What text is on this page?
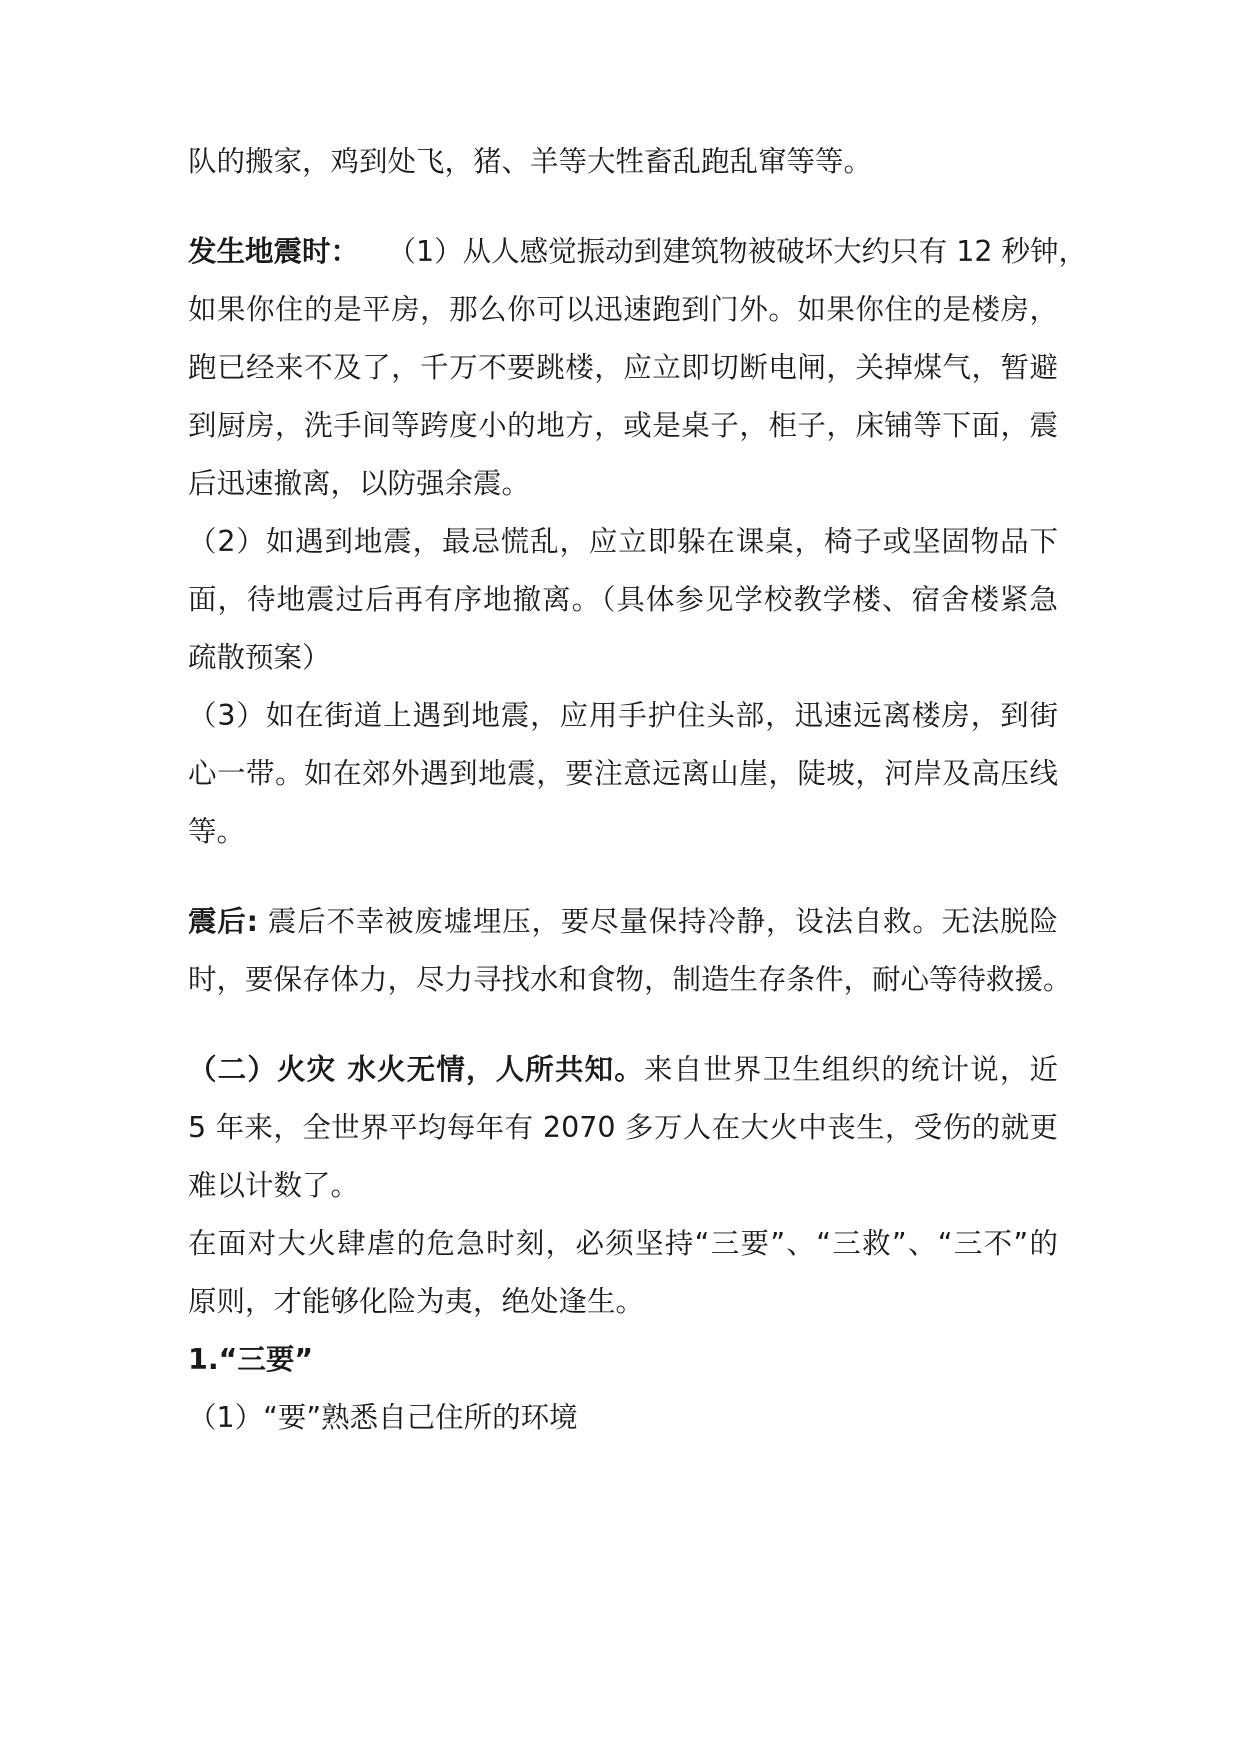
队的搬家，鸡到处飞，猪、羊等大牲畜乱跑乱窜等等。
发生地震时：  （1）从人感觉振动到建筑物被破坏大约只有 12 秒钟，
如果你住的是平房，那么你可以迅速跑到门外。如果你住的是楼房，
跑已经来不及了，千万不要跳楼，应立即切断电闸，关掉煤气，暂避
到厨房，洗手间等跨度小的地方，或是桌子，柜子，床铺等下面，震
后迅速撤离，以防强余震。
（2）如遇到地震，最忌慌乱，应立即躲在课桌，椅子或坚固物品下
面，待地震过后再有序地撤离。（具体参见学校教学楼、宿舍楼紧急
疏散预案）
（3）如在街道上遇到地震，应用手护住头部，迅速远离楼房，到街
心一带。如在郊外遇到地震，要注意远离山崖，陡坡，河岸及高压线
等。
震后: 震后不幸被废墟埋压，要尽量保持冷静，设法自救。无法脱险
时，要保存体力，尽力寻找水和食物，制造生存条件，耐心等待救援。
（二）火灾 水火无情，人所共知。来自世界卫生组织的统计说，近
5 年来，全世界平均每年有 2070 多万人在大火中丧生，受伤的就更
难以计数了。
在面对大火肆虐的危急时刻，必须坚持“三要”、“三救”、“三不”的
原则，才能够化险为夷，绝处逢生。
1.“三要”
（1）“要”熟悉自己住所的环境
